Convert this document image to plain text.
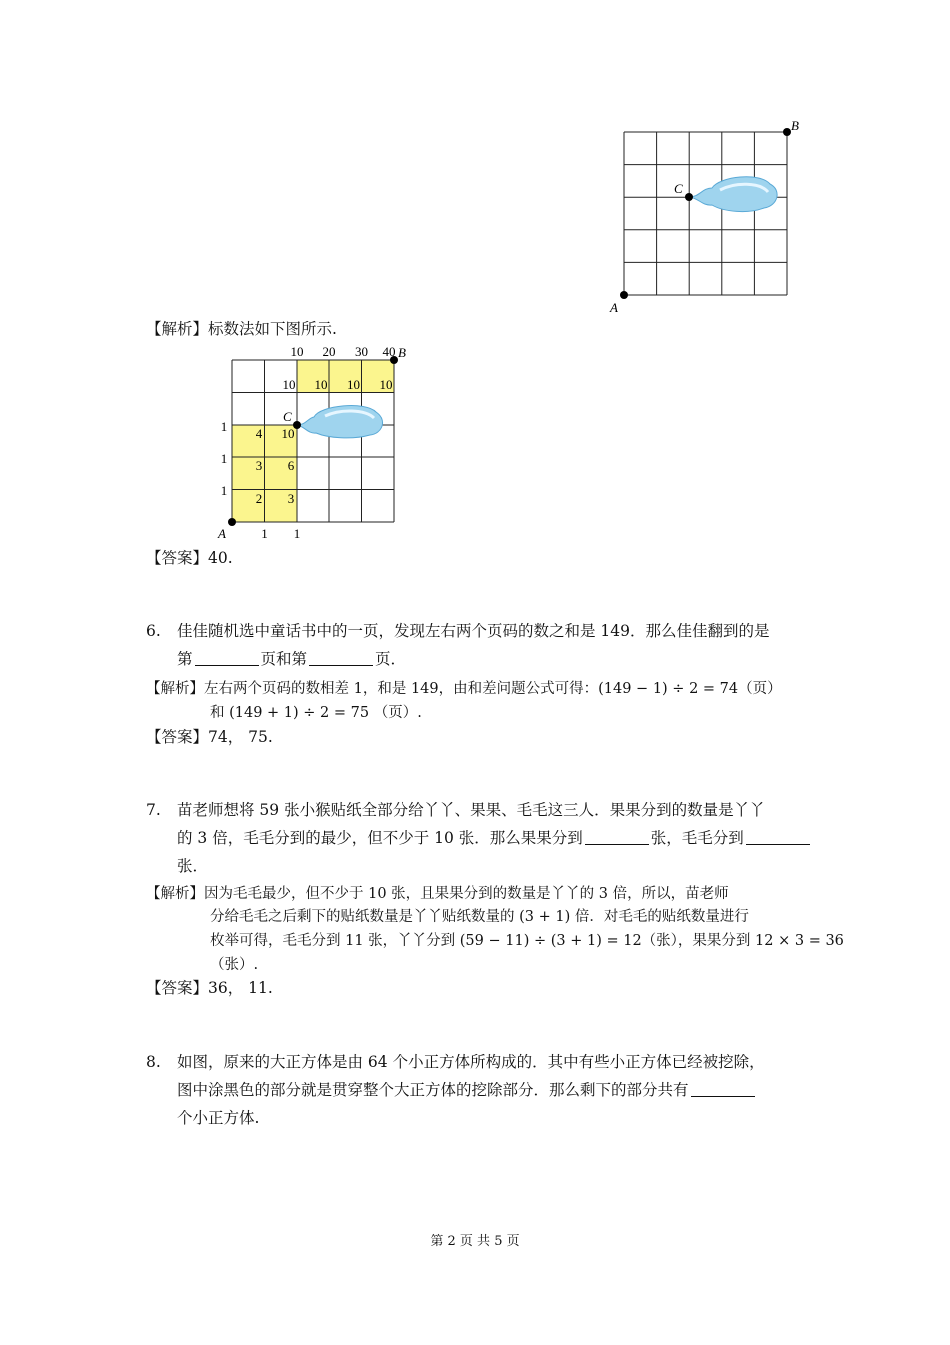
A
B
C
【解析】标数法如下图所示.
A
B
C
10 20 30 40
10 10 10 10
10
6
3
4
3
2
1
1
1
1 1
【答案】40.
6. 佳佳随机选中童话书中的一页，发现左右两个页码的数之和是 149．那么佳佳翻到的是
第	页和第	页．
【解析】左右两个页码的数相差 1，和是 149，由和差问题公式可得：(149 − 1) ÷ 2 = 74（页）
和 (149 + 1) ÷ 2 = 75 （页）.
【答案】74， 75.
7. 苗老师想将 59 张小猴贴纸全部分给丫丫、果果、毛毛这三人．果果分到的数量是丫丫
的 3 倍，毛毛分到的最少，但不少于 10 张．那么果果分到	张，毛毛分到
张．
【解析】因为毛毛最少，但不少于 10 张，且果果分到的数量是丫丫的 3 倍，所以，苗老师
分给毛毛之后剩下的贴纸数量是丫丫贴纸数量的 (3 + 1) 倍．对毛毛的贴纸数量进行
枚举可得，毛毛分到 11 张，丫丫分到 (59 − 11) ÷ (3 + 1) = 12（张），果果分到 12 × 3 = 36
（张）.
【答案】36， 11.
8. 如图，原来的大正方体是由 64 个小正方体所构成的．其中有些小正方体已经被挖除，
图中涂黑色的部分就是贯穿整个大正方体的挖除部分．那么剩下的部分共有
个小正方体.
第 2 页 共 5 页
